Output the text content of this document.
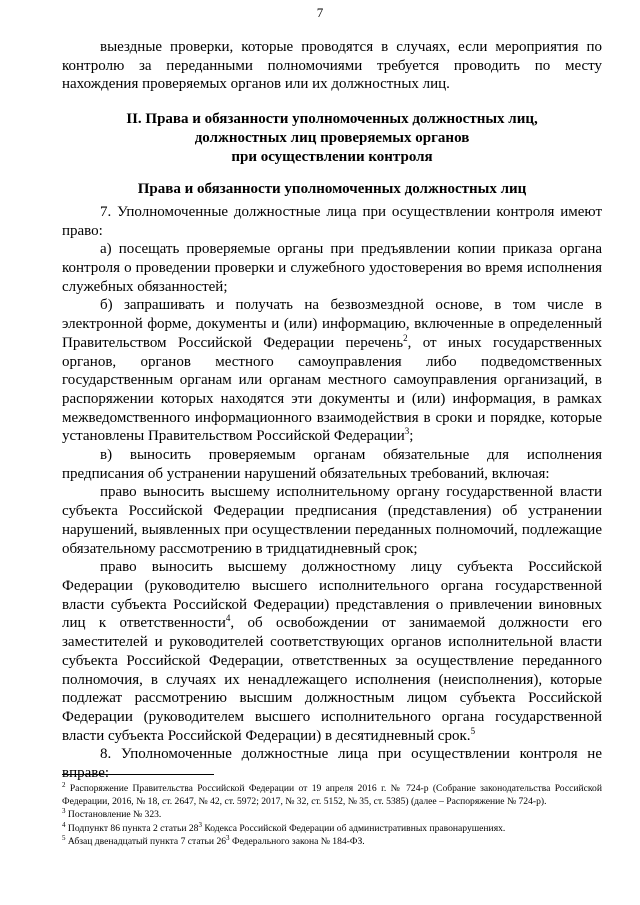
7

выездные проверки, которые проводятся в случаях, если мероприятия по контролю за переданными полномочиями требуется проводить по месту нахождения проверяемых органов или их должностных лиц.

II. Права и обязанности уполномоченных должностных лиц,

должностных лиц проверяемых органов

при осуществлении контроля

Права и обязанности уполномоченных должностных лиц

7. Уполномоченные должностные лица при осуществлении контроля имеют право:

а) посещать проверяемые органы при предъявлении копии приказа органа контроля о проведении проверки и служебного удостоверения во время исполнения служебных обязанностей;

б) запрашивать и получать на безвозмездной основе, в том числе в электронной форме, документы и (или) информацию, включенные в определенный Правительством Российской Федерации перечень$^2$, от иных государственных органов, органов местного самоуправления либо подведомственных государственным органам или органам местного самоуправления организаций, в распоряжении которых находятся эти документы и (или) информация, в рамках межведомственного информационного взаимодействия в сроки и порядке, которые установлены Правительством Российской Федерации$^3$;

в) выносить проверяемым органам обязательные для исполнения предписания об устранении нарушений обязательных требований, включая:

право выносить высшему исполнительному органу государственной власти субъекта Российской Федерации предписания (представления) об устранении нарушений, выявленных при осуществлении переданных полномочий, подлежащие обязательному рассмотрению в тридцатидневный срок;

право выносить высшему должностному лицу субъекта Российской Федерации (руководителю высшего исполнительного органа государственной власти субъекта Российской Федерации) представления о привлечении виновных лиц к ответственности$^4$, об освобождении от занимаемой должности его заместителей и руководителей соответствующих органов исполнительной власти субъекта Российской Федерации, ответственных за осуществление переданного полномочия, в случаях их ненадлежащего исполнения (неисполнения), которые подлежат рассмотрению высшим должностным лицом субъекта Российской Федерации (руководителем высшего исполнительного органа государственной власти субъекта Российской Федерации) в десятидневный срок.$^5$

8. Уполномоченные должностные лица при осуществлении контроля не вправе:

$^2$ Распоряжение Правительства Российской Федерации от 19 апреля 2016 г. № 724-р (Собрание законодательства Российской Федерации, 2016, № 18, ст. 2647, № 42, ст. 5972; 2017, № 32, ст. 5152, № 35, ст. 5385) (далее – Распоряжение № 724-р).

$^3$ Постановление № 323.

$^4$ Подпункт 86 пункта 2 статьи $28^3$ Кодекса Российской Федерации об административных правонарушениях.

$^5$ Абзац двенадцатый пункта 7 статьи $26^3$ Федерального закона № 184-ФЗ.
